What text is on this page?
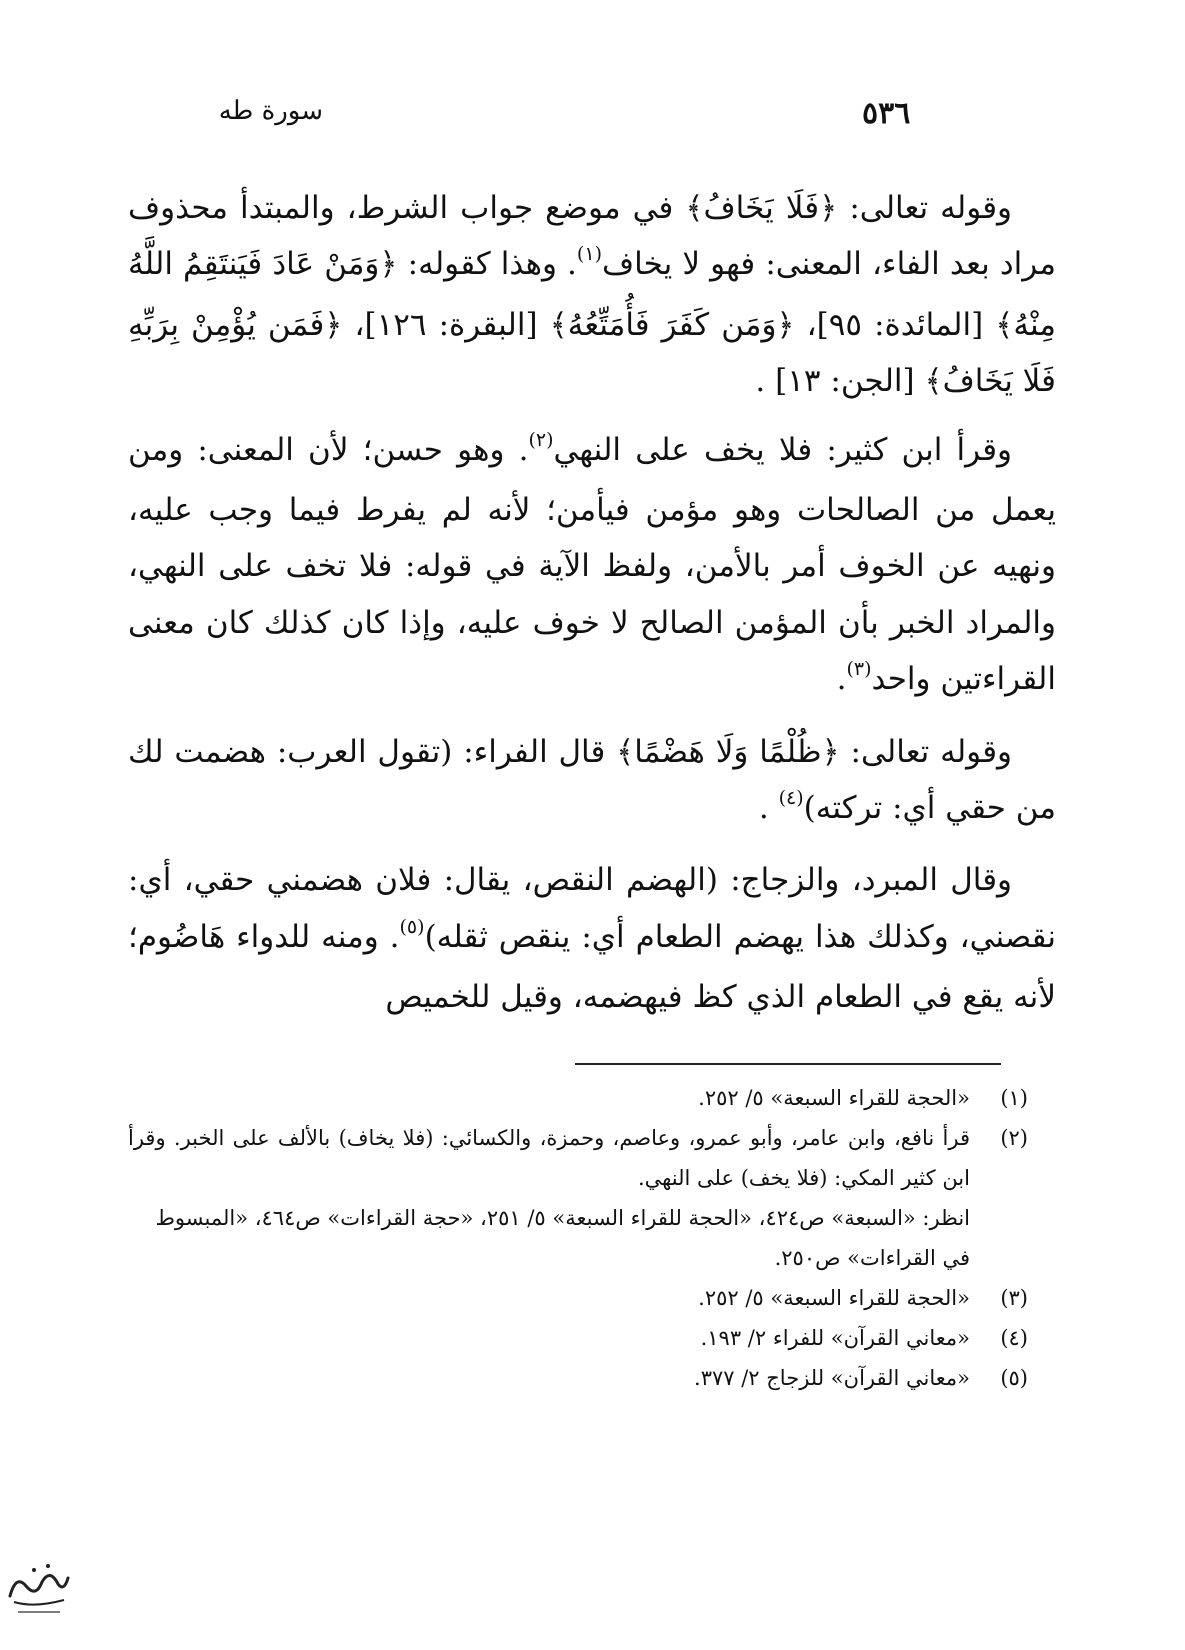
سورة طه	٥٣٦

وقوله تعالى: ﴿فَلَا يَخَافُ﴾ في موضع جواب الشرط، والمبتدأ محذوف مراد بعد الفاء، المعنى: فهو لا يخاف$^{(١)}$. وهذا كقوله: ﴿وَمَنْ عَادَ فَيَنتَقِمُ اللَّهُ مِنْهُ﴾ [المائدة: ٩٥]، ﴿وَمَن كَفَرَ فَأُمَتِّعُهُ﴾ [البقرة: ١٢٦]، ﴿فَمَن يُؤْمِنْ بِرَبِّهِ فَلَا يَخَافُ﴾ [الجن: ١٣] .

وقرأ ابن كثير: فلا يخف على النهي$^{(٢)}$. وهو حسن؛ لأن المعنى: ومن يعمل من الصالحات وهو مؤمن فيأمن؛ لأنه لم يفرط فيما وجب عليه، ونهيه عن الخوف أمر بالأمن، ولفظ الآية في قوله: فلا تخف على النهي، والمراد الخبر بأن المؤمن الصالح لا خوف عليه، وإذا كان كذلك كان معنى القراءتين واحد$^{(٣)}$.

وقوله تعالى: ﴿ظُلْمًا وَلَا هَضْمًا﴾ قال الفراء: (تقول العرب: هضمت لك من حقي أي: تركته)$^{(٤)}$ .

وقال المبرد، والزجاج: (الهضم النقص، يقال: فلان هضمني حقي، أي: نقصني، وكذلك هذا يهضم الطعام أي: ينقص ثقله)$^{(٥)}$. ومنه للدواء هَاضُوم؛ لأنه يقع في الطعام الذي كظ فيهضمه، وقيل للخميص

(١)
«الحجة للقراء السبعة» ٥/ ٢٥٢.
(٢)
قرأ نافع، وابن عامر، وأبو عمرو، وعاصم، وحمزة، والكسائي: (فلا يخاف) بالألف على الخبر. وقرأ ابن كثير المكي: (فلا يخف) على النهي.
انظر: «السبعة» ص٤٢٤، «الحجة للقراء السبعة» ٥/ ٢٥١، «حجة القراءات» ص٤٦٤، «المبسوط في القراءات» ص٢٥٠.
(٣)
«الحجة للقراء السبعة» ٥/ ٢٥٢.
(٤)
«معاني القرآن» للفراء ٢/ ١٩٣.
(٥)
«معاني القرآن» للزجاج ٢/ ٣٧٧.
